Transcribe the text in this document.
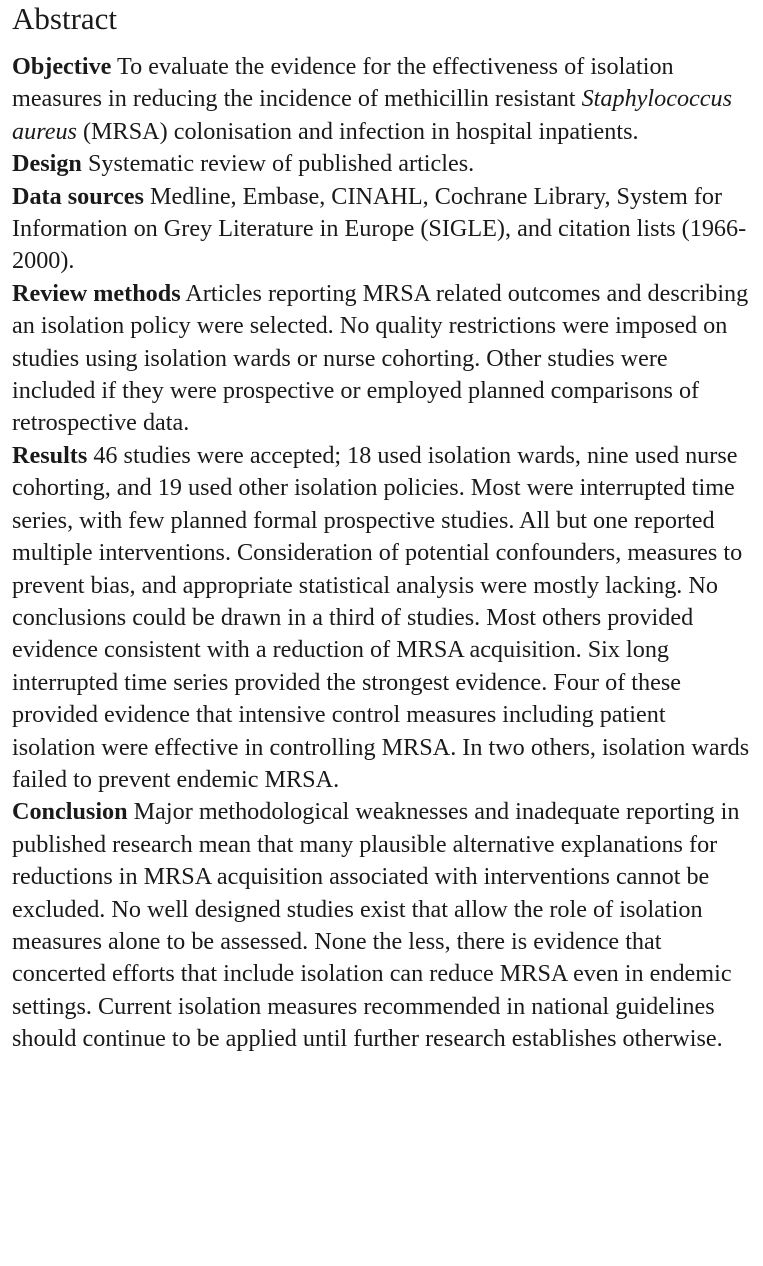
Abstract

Objective To evaluate the evidence for the effectiveness of isolation measures in reducing the incidence of methicillin resistant Staphylococcus aureus (MRSA) colonisation and infection in hospital inpatients.

Design Systematic review of published articles.

Data sources Medline, Embase, CINAHL, Cochrane Library, System for Information on Grey Literature in Europe (SIGLE), and citation lists (1966-2000).

Review methods Articles reporting MRSA related outcomes and describing an isolation policy were selected. No quality restrictions were imposed on studies using isolation wards or nurse cohorting. Other studies were included if they were prospective or employed planned comparisons of retrospective data.

Results 46 studies were accepted; 18 used isolation wards, nine used nurse cohorting, and 19 used other isolation policies. Most were interrupted time series, with few planned formal prospective studies. All but one reported multiple interventions. Consideration of potential confounders, measures to prevent bias, and appropriate statistical analysis were mostly lacking. No conclusions could be drawn in a third of studies. Most others provided evidence consistent with a reduction of MRSA acquisition. Six long interrupted time series provided the strongest evidence. Four of these provided evidence that intensive control measures including patient isolation were effective in controlling MRSA. In two others, isolation wards failed to prevent endemic MRSA.

Conclusion Major methodological weaknesses and inadequate reporting in published research mean that many plausible alternative explanations for reductions in MRSA acquisition associated with interventions cannot be excluded. No well designed studies exist that allow the role of isolation measures alone to be assessed. None the less, there is evidence that concerted efforts that include isolation can reduce MRSA even in endemic settings. Current isolation measures recommended in national guidelines should continue to be applied until further research establishes otherwise.
